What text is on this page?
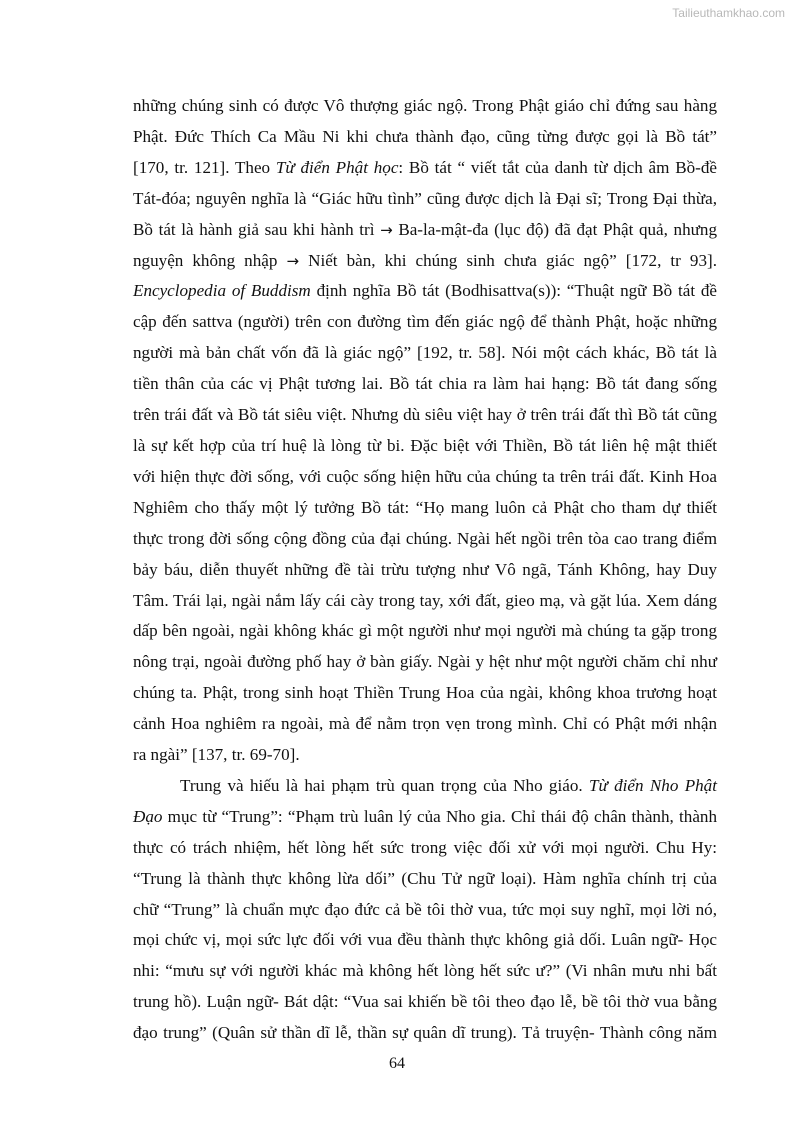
Tailieuthamkhao.com
những chúng sinh có được Vô thượng giác ngộ. Trong Phật giáo chỉ đứng sau hàng
Phật. Đức Thích Ca Mầu Ni khi chưa thành đạo, cũng từng được gọi là Bồ tát”
[170, tr. 121]. Theo Từ điển Phật học: Bồ tát “ viết tắt của danh từ dịch âm Bồ-đề
Tát-đóa; nguyên nghĩa là “Giác hữu tình” cũng được dịch là Đại sĩ; Trong Đại thừa,
Bồ tát là hành giả sau khi hành trì → Ba-la-mật-đa (lục độ) đã đạt Phật quả, nhưng
nguyện không nhập → Niết bàn, khi chúng sinh chưa giác ngộ” [172, tr 93].
Encyclopedia of Buddism định nghĩa Bồ tát (Bodhisattva(s)): “Thuật ngữ Bồ tát đề
cập đến sattva (người) trên con đường tìm đến giác ngộ để thành Phật, hoặc những
người mà bản chất vốn đã là giác ngộ” [192, tr. 58]. Nói một cách khác, Bồ tát là
tiền thân của các vị Phật tương lai. Bồ tát chia ra làm hai hạng: Bồ tát đang sống
trên trái đất và Bồ tát siêu việt. Nhưng dù siêu việt hay ở trên trái đất thì Bồ tát cũng
là sự kết hợp của trí huệ là lòng từ bi. Đặc biệt với Thiền, Bồ tát liên hệ mật thiết
với hiện thực đời sống, với cuộc sống hiện hữu của chúng ta trên trái đất. Kinh Hoa
Nghiêm cho thấy một lý tưởng Bồ tát: “Họ mang luôn cả Phật cho tham dự thiết
thực trong đời sống cộng đồng của đại chúng. Ngài hết ngồi trên tòa cao trang điểm
bảy báu, diễn thuyết những đề tài trừu tượng như Vô ngã, Tánh Không, hay Duy
Tâm. Trái lại, ngài nắm lấy cái cày trong tay, xới đất, gieo mạ, và gặt lúa. Xem dáng
dấp bên ngoài, ngài không khác gì một người như mọi người mà chúng ta gặp trong
nông trại, ngoài đường phố hay ở bàn giấy. Ngài y hệt như một người chăm chỉ như
chúng ta. Phật, trong sinh hoạt Thiền Trung Hoa của ngài, không khoa trương hoạt
cảnh Hoa nghiêm ra ngoài, mà để nằm trọn vẹn trong mình. Chỉ có Phật mới nhận
ra ngài” [137, tr. 69-70].
Trung và hiếu là hai phạm trù quan trọng của Nho giáo. Từ điển Nho Phật
Đạo mục từ “Trung”: “Phạm trù luân lý của Nho gia. Chỉ thái độ chân thành, thành
thực có trách nhiệm, hết lòng hết sức trong việc đối xử với mọi người. Chu Hy:
“Trung là thành thực không lừa dối” (Chu Tử ngữ loại). Hàm nghĩa chính trị của
chữ “Trung” là chuẩn mực đạo đức cả bề tôi thờ vua, tức mọi suy nghĩ, mọi lời nó,
mọi chức vị, mọi sức lực đối với vua đều thành thực không giả dối. Luân ngữ- Học
nhi: “mưu sự với người khác mà không hết lòng hết sức ư?” (Vi nhân mưu nhi bất
trung hồ). Luận ngữ- Bát dật: “Vua sai khiến bề tôi theo đạo lễ, bề tôi thờ vua bằng
đạo trung” (Quân sử thần dĩ lễ, thần sự quân dĩ trung). Tả truyện- Thành công năm
64
